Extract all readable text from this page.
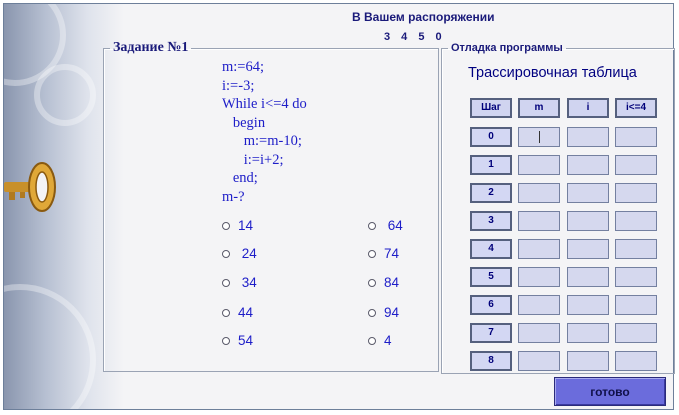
В Вашем распоряжении
3 4 5 0
Задание №1
m:=64;
i:=-3;
While i<=4 do
begin
m:=m-10;
i:=i+2;
end;
m-?
14
24
34
44
54
64
74
84
94
4
Отладка программы
Трассировочная таблица
Шаг	m	i	i<=4
0
1
2
3
4
5
6
7
8
готово
